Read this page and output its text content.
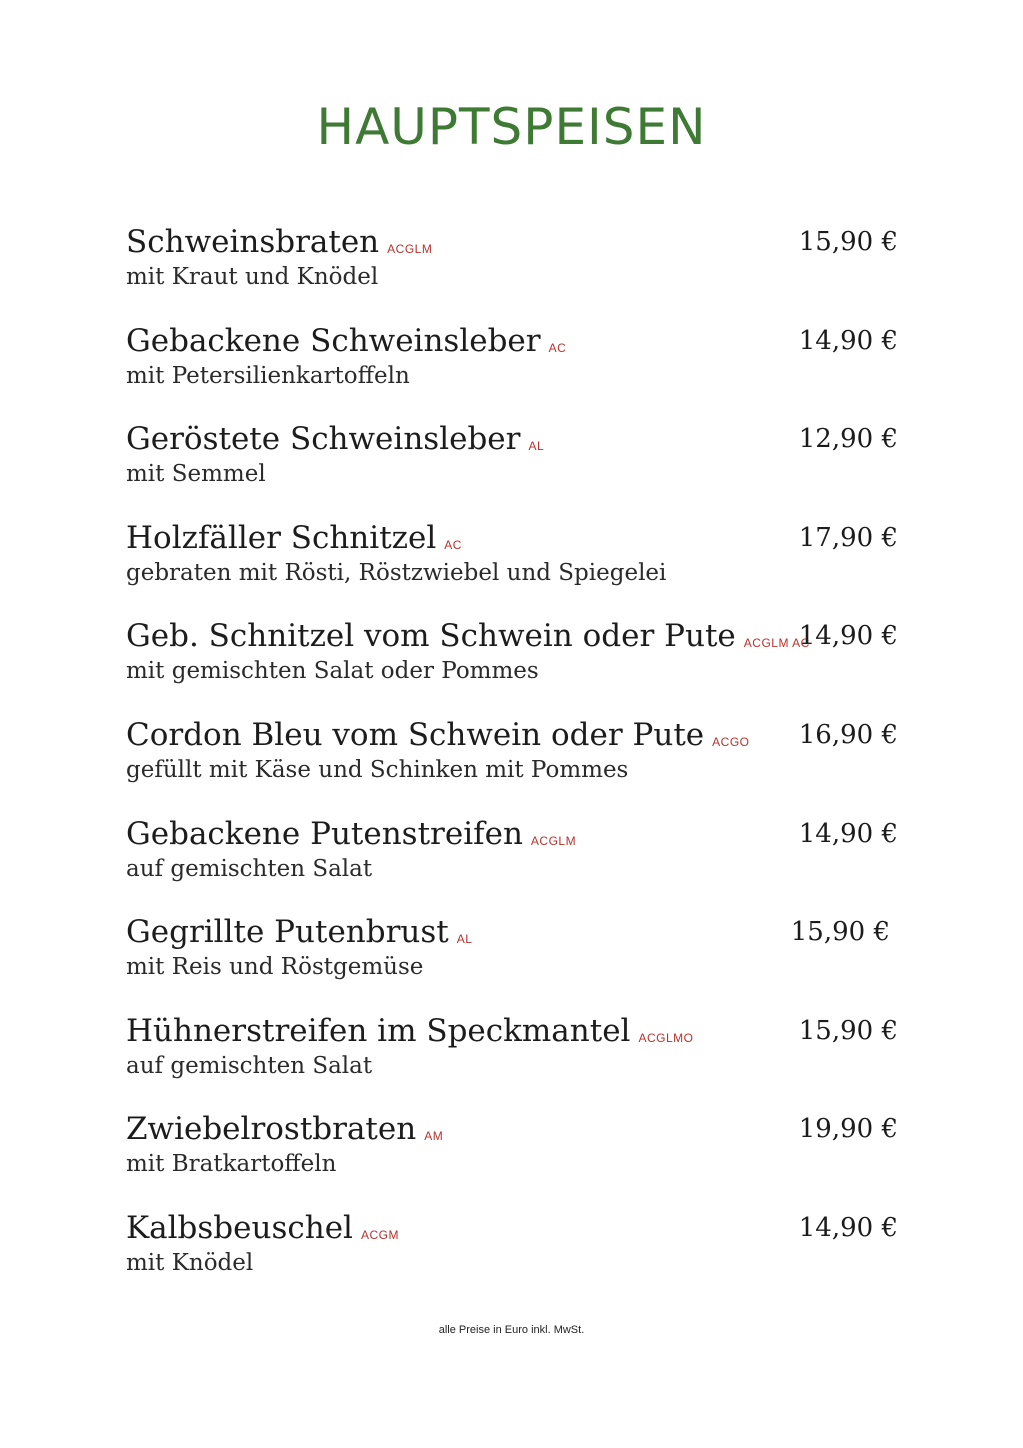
HAUPTSPEISEN
Schweinsbraten ACGLM
mit Kraut und Knödel
15,90 €
Gebackene Schweinsleber AC
mit Petersilienkartoffeln
14,90 €
Geröstete Schweinsleber AL
mit Semmel
12,90 €
Holzfäller Schnitzel AC
gebraten mit Rösti, Röstzwiebel und Spiegelei
17,90 €
Geb. Schnitzel vom Schwein oder Pute ACGLM AC
mit gemischten Salat oder Pommes
14,90 €
Cordon Bleu vom Schwein oder Pute ACGO
gefüllt mit Käse und Schinken mit Pommes
16,90 €
Gebackene Putenstreifen ACGLM
auf gemischten Salat
14,90 €
Gegrillte Putenbrust AL
mit Reis und Röstgemüse
15,90 €
Hühnerstreifen im Speckmantel ACGLMO
auf gemischten Salat
15,90 €
Zwiebelrostbraten AM
mit Bratkartoffeln
19,90 €
Kalbsbeuschel ACGM
mit Knödel
14,90 €
alle Preise in Euro inkl. MwSt.
